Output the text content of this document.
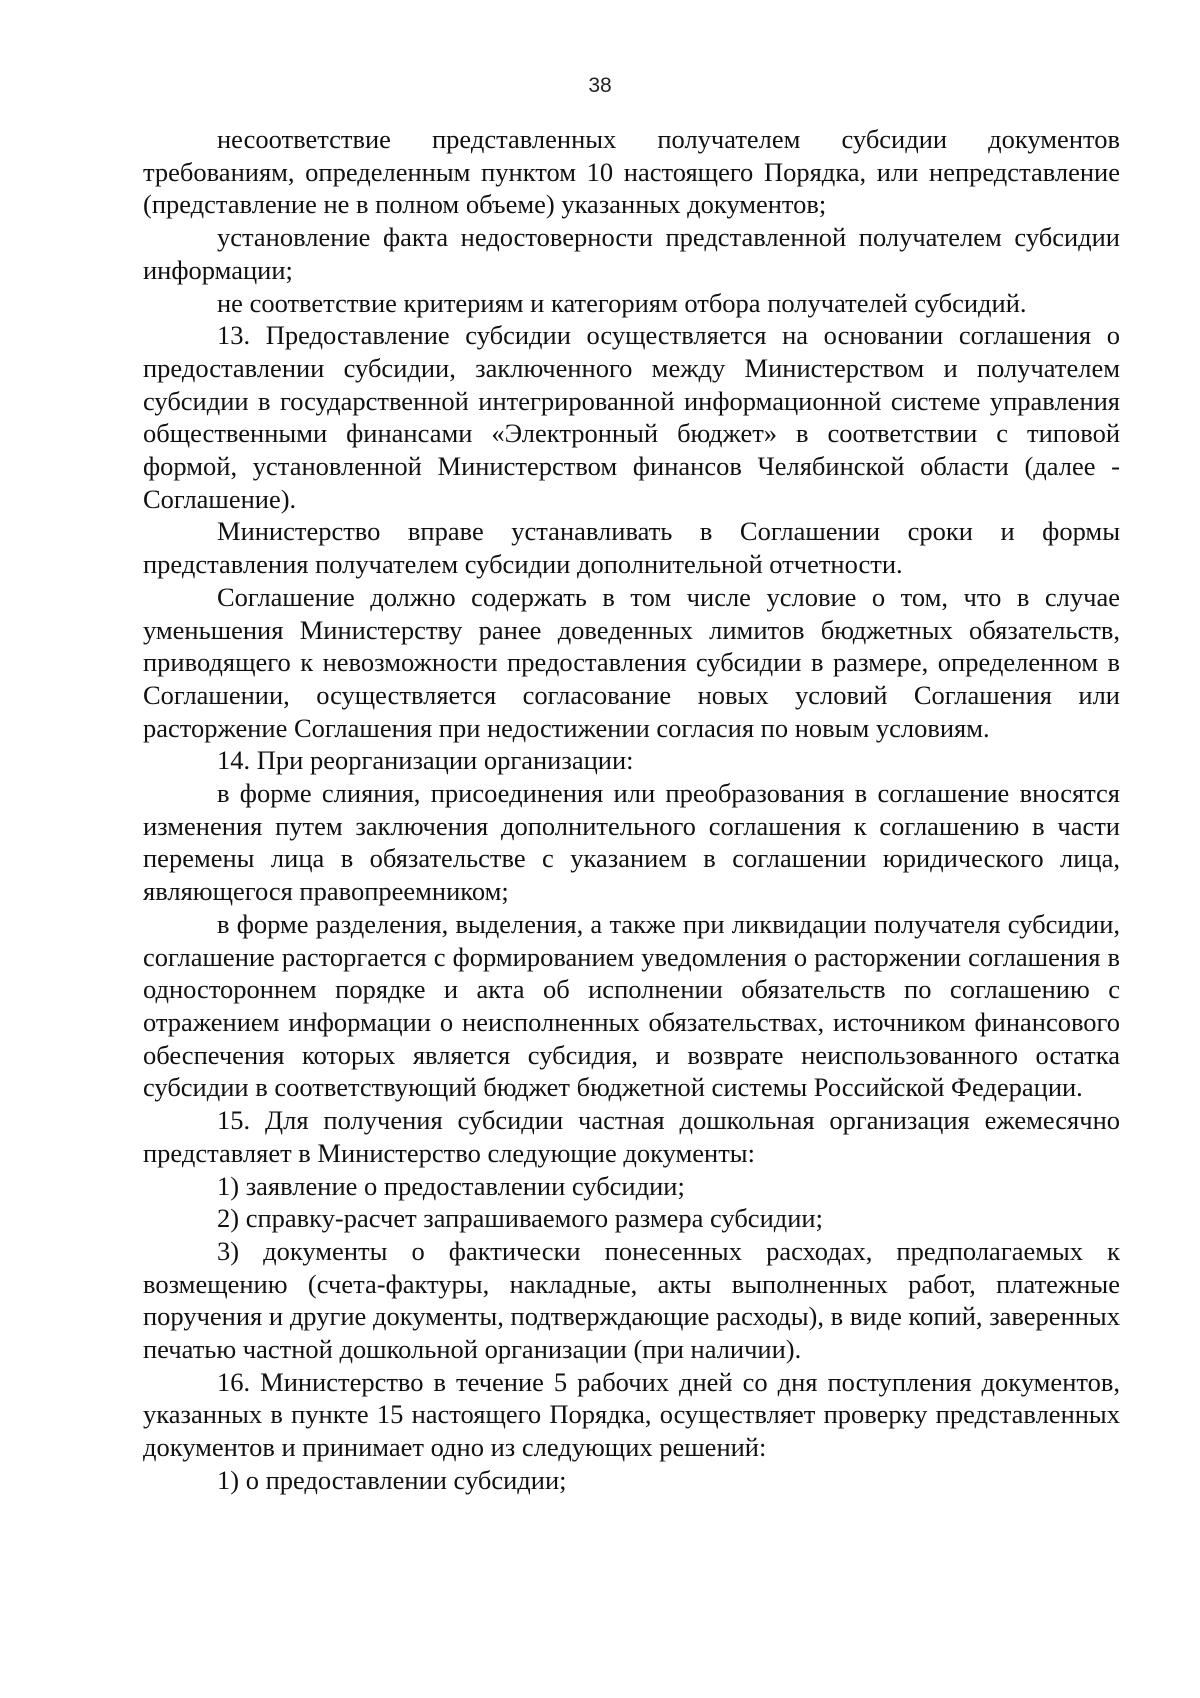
38

несоответствие представленных получателем субсидии документов требованиям, определенным пунктом 10 настоящего Порядка, или непредставление (представление не в полном объеме) указанных документов;

установление факта недостоверности представленной получателем субсидии информации;

не соответствие критериям и категориям отбора получателей субсидий.

13. Предоставление субсидии осуществляется на основании соглашения о предоставлении субсидии, заключенного между Министерством и получателем субсидии в государственной интегрированной информационной системе управления общественными финансами «Электронный бюджет» в соответствии с типовой формой, установленной Министерством финансов Челябинской области (далее - Соглашение).

Министерство вправе устанавливать в Соглашении сроки и формы представления получателем субсидии дополнительной отчетности.

Соглашение должно содержать в том числе условие о том, что в случае уменьшения Министерству ранее доведенных лимитов бюджетных обязательств, приводящего к невозможности предоставления субсидии в размере, определенном в Соглашении, осуществляется согласование новых условий Соглашения или расторжение Соглашения при недостижении согласия по новым условиям.

14. При реорганизации организации:

в форме слияния, присоединения или преобразования в соглашение вносятся изменения путем заключения дополнительного соглашения к соглашению в части перемены лица в обязательстве с указанием в соглашении юридического лица, являющегося правопреемником;

в форме разделения, выделения, а также при ликвидации получателя субсидии, соглашение расторгается с формированием уведомления о расторжении соглашения в одностороннем порядке и акта об исполнении обязательств по соглашению с отражением информации о неисполненных обязательствах, источником финансового обеспечения которых является субсидия, и возврате неиспользованного остатка субсидии в соответствующий бюджет бюджетной системы Российской Федерации.

15. Для получения субсидии частная дошкольная организация ежемесячно представляет в Министерство следующие документы:

1) заявление о предоставлении субсидии;

2) справку-расчет запрашиваемого размера субсидии;

3) документы о фактически понесенных расходах, предполагаемых к возмещению (счета-фактуры, накладные, акты выполненных работ, платежные поручения и другие документы, подтверждающие расходы), в виде копий, заверенных печатью частной дошкольной организации (при наличии).

16. Министерство в течение 5 рабочих дней со дня поступления документов, указанных в пункте 15 настоящего Порядка, осуществляет проверку представленных документов и принимает одно из следующих решений:

1) о предоставлении субсидии;
